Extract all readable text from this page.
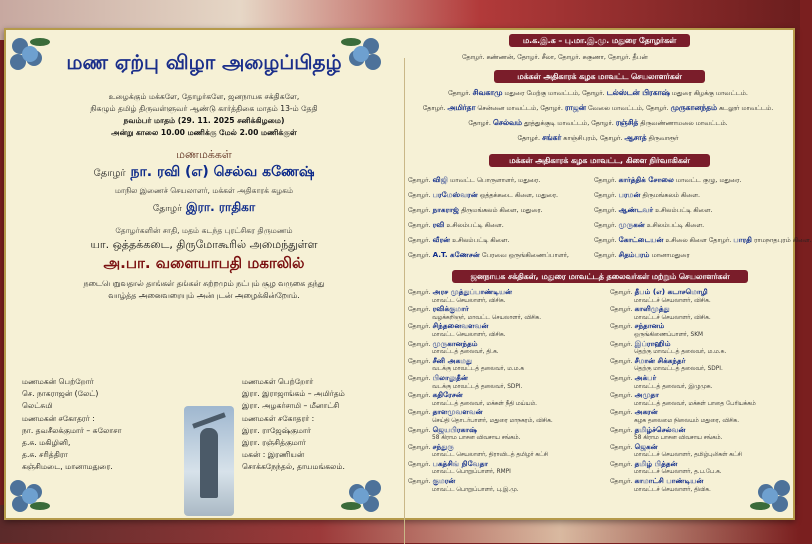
மண ஏற்பு விழா அழைப்பிதழ்
உழைக்கும் மக்களே, தோழர்களே, ஜனநாயக சக்திகளே,
நிகழும் தமிழ் திருவள்ளுவர் ஆண்டு கார்த்திகை மாதம் 13-ம் தேதி
நவம்பர் மாதம் (29. 11. 2025 சனிக்கிழமை)
அன்று காலை 10.00 மணிக்கு மேல் 2.00 மணிக்குள்
மணமக்கள்
தோழர் நா. ரவி (எ) செல்வ கணேஷ்
மாநில இணைச் செயலாளர், மக்கள் அதிகாரக் கழகம்
தோழர் இரா. ராதிகா
தோழர்களின் சாதி, மதம் கடந்த புரட்சிகர திருமணம்
யா. ஒத்தக்கடை, திருமோகூரில் அமைந்துள்ள
அ.பா. வளையாபதி மகாலில்
நடைபெறுவதால் தாங்கள் தங்கள் சுற்றமும் நட்பும் சூழ வருகை தந்து
வாழ்த்த அனைவரையும் அன்புடன் அழைக்கின்றோம்.
மணமகன் பெற்றோர்
செ. நாகராஜன் (லேட்)
லெட்சுமி
மணமகன் சகோதரர் :
நா. தவசீலக்குமார் – சுலோசா
த.சு. மகிழினி,
த.சு. சரித்திரா
கஞ்சிமடை, மானாமதுரை.
மணமகள் பெற்றோர்
இரா. இராஜாங்கம் – அமிர்தம்
இரா. அழகர்சாமி – மீனாட்சி
மணமகள் சகோதரர் :
இரா. ராஜேஷ்குமார்
இரா. ரஞ்சித்குமார்
மகன் : இரணியன்
சொக்கநேந்தல், தாயமங்கலம்.
ம.க.இ.க – பு.மா.இ.மு. மதுரை தோழர்கள்
தோழர். கண்ணன், தோழர். சீலா, தோழர். சுகுணா, தோழர். தீபன்
மக்கள் அதிகாரக் கழக மாவட்ட செயலாளர்கள்
தோழர். சிவகாமு மதுரை மேற்கு மாவட்டம், தோழர். டல்ஸ்டன் பிரகாஷ் மதுரை கிழக்கு மாவட்டம்.
தோழர். அமிர்தா சென்னை மாவட்டம், தோழர். ராஜன் வேலை மாவட்டம், தோழர். முருகானந்தம் கடலூர் மாவட்டம்.
தோழர். செல்வம் தூத்துக்குடி மாவட்டம், தோழர். ரஞ்சித் திருவண்ணாமலை மாவட்டம்.
தோழர். சங்கர் காஞ்சிபுரம், தோழர். ஆசாத் திருவாரூர்
மக்கள் அதிகாரக் கழக மாவட்ட, கிளை நிர்வாகிகள்
தோழர். விஜி மாவட்ட பொருளாளர், மதுரை.
தோழர். பரமேஸ்வரன் ஒத்தக்கடை கிளை, மதுரை.
தோழர். நாகராஜ் திருமங்கலம் கிளை, மதுரை.
தோழர். ரவி உசிலம்பட்டி கிளை.
தோழர். வீரன் உசிலம்பட்டி கிளை.
தோழர். A.T. கணேசன் பேரவை ஒருங்கிணைப்பாளர்,
தோழர். கார்த்திக் சோலை மாவட்ட குழு, மதுரை.
தோழர். பரமன் திருமங்கலம் கிளை.
தோழர். ஆண்டவர் உசிலம்பட்டி கிளை.
தோழர். முருகன் உசிலம்பட்டி கிளை.
தோழர். கோட்டையன் உசிலை கிளை தோழர். பாரதி ராமநாதபுரம் கிளை.
தோழர். சிதம்பரம் மானாமதுரை
ஜனநாயக சக்திகள், மதுரை மாவட்டத் தலைவர்கள் மற்றும் செயலாளர்கள்
தோழர். அரச முத்துப்பாண்டியன்
மாவட்ட செயலாளர், விசிக.
தோழர். ரவிக்குமார்
வழக்கறிஞர், மாவட்ட செயலாளர், விசிக.
தோழர். சிந்தனைவளவன்
மாவட்ட செயலாளர், விசிக.
தோழர். முருகானந்தம்
மாவட்டத் தலைவர், தி.க.
தோழர். சீனி அகமது
வடக்கு மாவட்டத் தலைவர், ம.ம.க
தோழர். பிலாலுதீன்
வடக்கு மாவட்டத் தலைவர், SDPI.
தோழர். கதிரேசன்
மாவட்டத் தலைவர், மக்கள் நீதி மய்யம்.
தோழர். தாளமுவளவன்
செய்தி தொடர்பாளர், மதுரை மாநகரம், விசிக.
தோழர். ஜெயபிரகாஷ்
58 கிராம பாசன விவசாய சங்கம்.
தோழர். சந்துரு
மாவட்ட செயலாளர், திராவிடத் தமிழர் கட்சி
தோழர். பகத்சிங் நிவேதா
மாவட்ட பொறுப்பாளர், RMPI
தோழர். குமரன்
மாவட்ட பொறுப்பாளர், பு.இ.மு.
தோழர். தீபம் (எ) கடாசமொழி
மாவட்டச் செயலாளர், விசிக.
தோழர். காளிமுத்து
மாவட்டச் செயலாளர், விசிக.
தோழர். சந்தானம்
ஒருங்கிணைப்பாளர், SKM
தோழர். இப்ராஹிம்
தெற்கு மாவட்டத் தலைவர், ம.ம.க.
தோழர். சீமான் சிக்கந்தர்
தெற்கு மாவட்டத் தலைவர், SDPI.
தோழர். அக்பர்
மாவட்டத் தலைவர், இழுமுக.
தோழர். அமுதா
மாவட்டத் தலைவர், மக்கள் பாதை பேரியக்கம்
தோழர். அகரன்
கழக தலைமை நிலையம் மதுரை, விசிக.
தோழர். தமிழ்ச்செல்வன்
58 கிராம பாசன விவசாய சங்கம்.
தோழர். ஜெகன்
மாவட்டச் செயலாளர், தமிழ்புலிகள் கட்சி
தோழர். தமிழ் பித்தன்
மாவட்டச் செயலாளர், த.ப.பே.க.
தோழர். காமாட்சி பாண்டியன்
மாவட்டச் செயலாளர், திவிக.
